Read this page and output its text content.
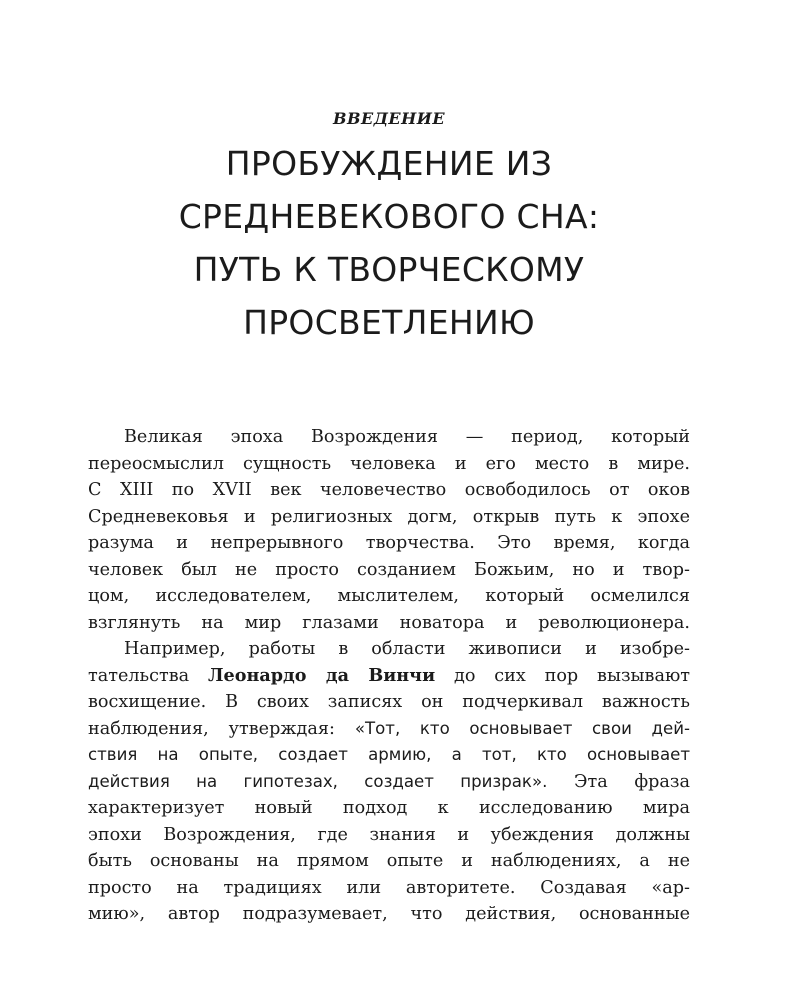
ВВЕДЕНИЕ
ПРОБУЖДЕНИЕ ИЗ
СРЕДНЕВЕКОВОГО СНА:
ПУТЬ К ТВОРЧЕСКОМУ
ПРОСВЕТЛЕНИЮ
Великая эпоха Возрождения — период, который
переосмыслил сущность человека и его место в мире.
С XIII по XVII век человечество освободилось от оков
Средневековья и религиозных догм, открыв путь к эпохе
разума и непрерывного творчества. Это время, когда
человек был не просто созданием Божьим, но и твор-
цом, исследователем, мыслителем, который осмелился
взглянуть на мир глазами новатора и революционера.
Например, работы в области живописи и изобре-
тательства Леонардо да Винчи до сих пор вызывают
восхищение. В своих записях он подчеркивал важность
наблюдения, утверждая: «Тот, кто основывает свои дей-
ствия на опыте, создает армию, а тот, кто основывает
действия на гипотезах, создает призрак». Эта фраза
характеризует новый подход к исследованию мира
эпохи Возрождения, где знания и убеждения должны
быть основаны на прямом опыте и наблюдениях, а не
просто на традициях или авторитете. Создавая «ар-
мию», автор подразумевает, что действия, основанные
